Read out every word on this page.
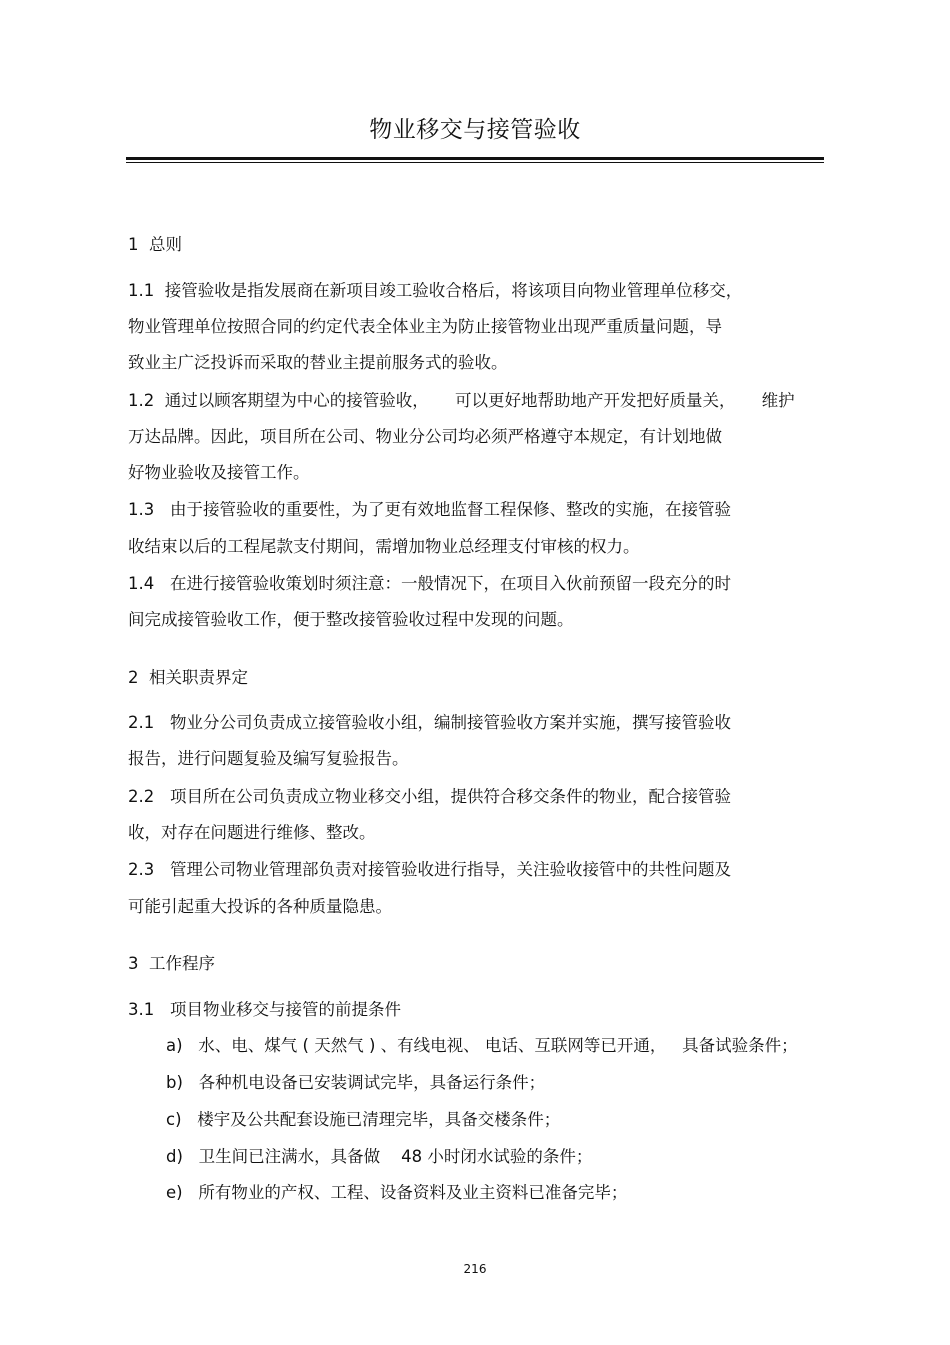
物业移交与接管验收
1  总则
1.1  接管验收是指发展商在新项目竣工验收合格后，将该项目向物业管理单位移交，
物业管理单位按照合同的约定代表全体业主为防止接管物业出现严重质量问题，导
致业主广泛投诉而采取的替业主提前服务式的验收。
1.2  通过以顾客期望为中心的接管验收，     可以更好地帮助地产开发把好质量关，     维护
万达品牌。因此，项目所在公司、物业分公司均必须严格遵守本规定，有计划地做
好物业验收及接管工作。
1.3   由于接管验收的重要性，为了更有效地监督工程保修、整改的实施，在接管验
收结束以后的工程尾款支付期间，需增加物业总经理支付审核的权力。
1.4   在进行接管验收策划时须注意：一般情况下，在项目入伙前预留一段充分的时
间完成接管验收工作，便于整改接管验收过程中发现的问题。
2  相关职责界定
2.1   物业分公司负责成立接管验收小组，编制接管验收方案并实施，撰写接管验收
报告，进行问题复验及编写复验报告。
2.2   项目所在公司负责成立物业移交小组，提供符合移交条件的物业，配合接管验
收，对存在问题进行维修、整改。
2.3   管理公司物业管理部负责对接管验收进行指导，关注验收接管中的共性问题及
可能引起重大投诉的各种质量隐患。
3  工作程序
3.1   项目物业移交与接管的前提条件
a)   水、电、煤气 ( 天然气 ) 、有线电视、 电话、互联网等已开通，   具备试验条件；
b)   各种机电设备已安装调试完毕，具备运行条件；
c)   楼宇及公共配套设施已清理完毕，具备交楼条件；
d)   卫生间已注满水，具备做    48 小时闭水试验的条件；
e)   所有物业的产权、工程、设备资料及业主资料已准备完毕；
216
